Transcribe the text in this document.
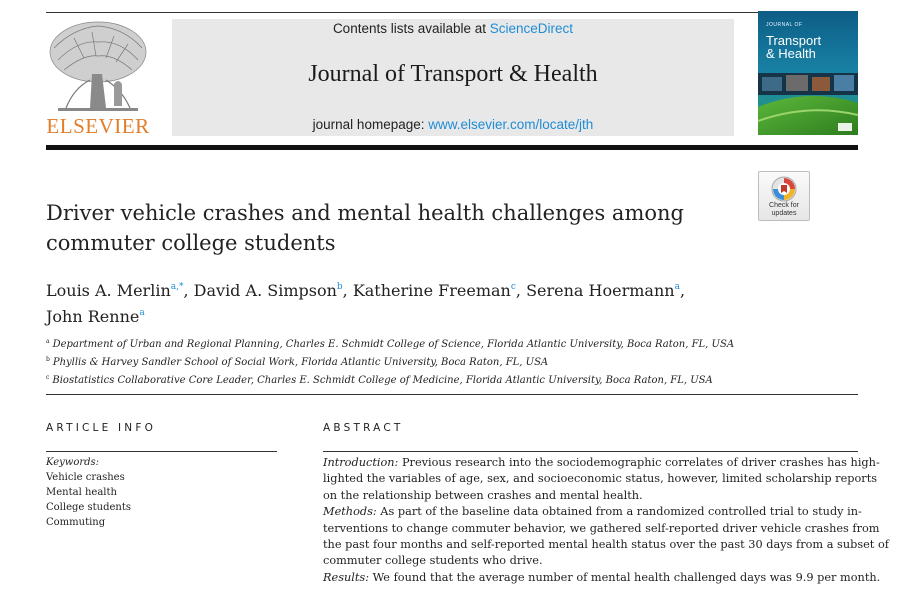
ELSEVIER
Contents lists available at ScienceDirect
Journal of Transport & Health
journal homepage: www.elsevier.com/locate/jth
JOURNAL OF
Transport
& Health
Check for
updates
Driver vehicle crashes and mental health challenges among
commuter college students
Louis A. Merlin$^{a,*}$, David A. Simpson$^b$, Katherine Freeman$^c$, Serena Hoermann$^a$,
John Renne$^a$
$^a$ Department of Urban and Regional Planning, Charles E. Schmidt College of Science, Florida Atlantic University, Boca Raton, FL, USA
$^b$ Phyllis & Harvey Sandler School of Social Work, Florida Atlantic University, Boca Raton, FL, USA
$^c$ Biostatistics Collaborative Core Leader, Charles E. Schmidt College of Medicine, Florida Atlantic University, Boca Raton, FL, USA
ARTICLE INFO
Keywords:
Vehicle crashes
Mental health
College students
Commuting
ABSTRACT
Introduction: Previous research into the sociodemographic correlates of driver crashes has high-
lighted the variables of age, sex, and socioeconomic status, however, limited scholarship reports
on the relationship between crashes and mental health.
Methods: As part of the baseline data obtained from a randomized controlled trial to study in-
terventions to change commuter behavior, we gathered self-reported driver vehicle crashes from
the past four months and self-reported mental health status over the past 30 days from a subset of
commuter college students who drive.
Results: We found that the average number of mental health challenged days was 9.9 per month.
